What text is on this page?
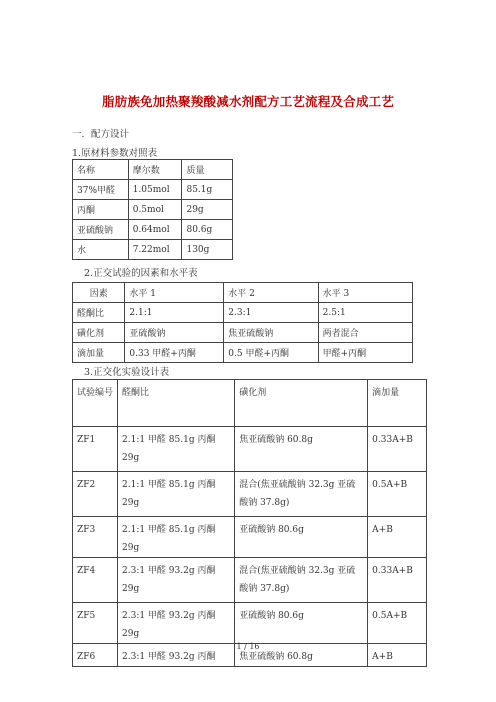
脂肪族免加热聚羧酸减水剂配方工艺流程及合成工艺
一．配方设计
1.原材料参数对照表
名称	摩尔数	质量
37%甲醛	1.05mol	85.1g
丙酮	0.5mol	29g
亚硫酸钠	0.64mol	80.6g
水	7.22mol	130g
2.正交试验的因素和水平表
因素	水平 1	水平 2	水平 3
醛酮比	2.1:1	2.3:1	2.5:1
磺化剂	亚硫酸钠	焦亚硫酸钠	两者混合
滴加量	0.33 甲醛+丙酮	0.5 甲醛+丙酮	甲醛+丙酮
3.正交化实验设计表
试验编号	醛酮比	磺化剂	滴加量
ZF1	2.1:1 甲醛 85.1g 丙酮 29g	焦亚硫酸钠 60.8g	0.33A+B
ZF2	2.1:1 甲醛 85.1g 丙酮 29g	混合(焦亚硫酸钠 32.3g 亚硫酸钠 37.8g)	0.5A+B
ZF3	2.1:1 甲醛 85.1g 丙酮 29g	亚硫酸钠 80.6g	A+B
ZF4	2.3:1 甲醛 93.2g 丙酮 29g	混合(焦亚硫酸钠 32.3g 亚硫酸钠 37.8g)	0.33A+B
ZF5	2.3:1 甲醛 93.2g 丙酮 29g	亚硫酸钠 80.6g	0.5A+B
ZF6	2.3:1 甲醛 93.2g 丙酮	焦亚硫酸钠 60.8g	A+B
1 / 16
